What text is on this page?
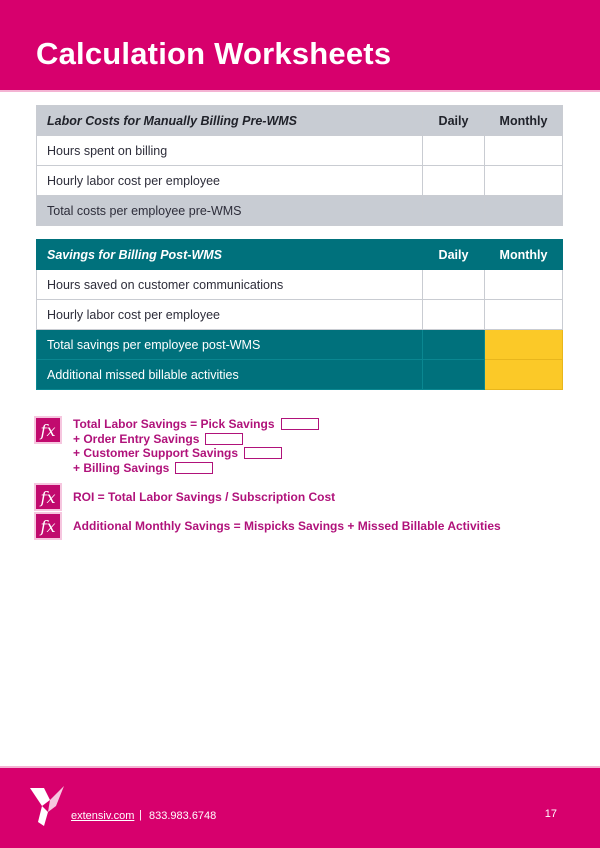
Calculation Worksheets
Labor Costs for Manually Billing Pre-WMS	Daily	Monthly
Hours spent on billing		
Hourly labor cost per employee		
Total costs per employee pre-WMS		
Savings for Billing Post-WMS	Daily	Monthly
Hours saved on customer communications		
Hourly labor cost per employee		
Total savings per employee post-WMS		
Additional missed billable activities		
fx	Total Labor Savings = Pick Savings
+ Order Entry Savings
+ Customer Support Savings
+ Billing Savings
fx	ROI = Total Labor Savings / Subscription Cost
fx	Additional Monthly Savings = Mispicks Savings + Missed Billable Activities
extensiv.com | 833.983.6748	17
